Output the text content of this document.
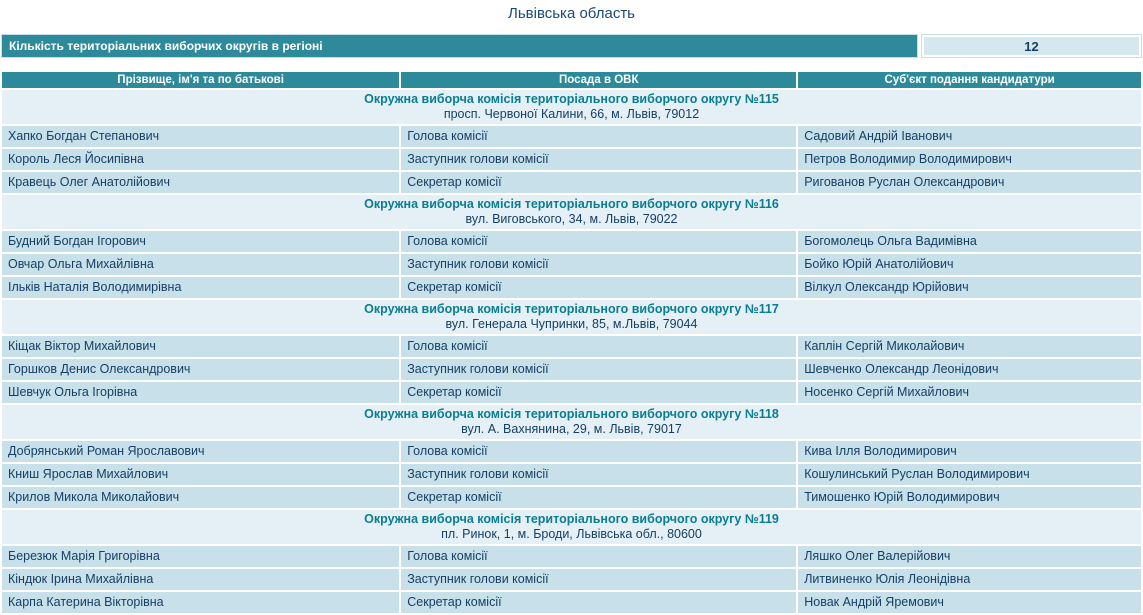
Львівська область
Кількість територіальних виборчих округів в регіоні	12
Прізвище, ім'я та по батькові	Посада в ОВК	Суб'єкт подання кандидатури

Окружна виборча комісія територіального виборчого округу №115
просп. Червоної Калини, 66, м. Львів, 79012		

Хапко Богдан Степанович	Голова комісії	Садовий Андрій Іванович
Король Леся Йосипівна	Заступник голови комісії	Петров Володимир Володимирович
Кравець Олег Анатолійович	Секретар комісії	Ригованов Руслан Олександрович

Окружна виборча комісія територіального виборчого округу №116
вул. Виговського, 34, м. Львів, 79022		

Будний Богдан Ігорович	Голова комісії	Богомолець Ольга Вадимівна
Овчар Ольга Михайлівна	Заступник голови комісії	Бойко Юрій Анатолійович
Ільків Наталія Володимирівна	Секретар комісії	Вілкул Олександр Юрійович

Окружна виборча комісія територіального виборчого округу №117
вул. Генерала Чупринки, 85, м.Львів, 79044		

Кіщак Віктор Михайлович	Голова комісії	Каплін Сергій Миколайович
Горшков Денис Олександрович	Заступник голови комісії	Шевченко Олександр Леонідович
Шевчук Ольга Ігорівна	Секретар комісії	Носенко Сергій Михайлович

Окружна виборча комісія територіального виборчого округу №118
вул. А. Вахнянина, 29, м. Львів, 79017		

Добрянський Роман Ярославович	Голова комісії	Кива Ілля Володимирович
Книш Ярослав Михайлович	Заступник голови комісії	Кошулинський Руслан Володимирович
Крилов Микола Миколайович	Секретар комісії	Тимошенко Юрій Володимирович

Окружна виборча комісія територіального виборчого округу №119
пл. Ринок, 1, м. Броди, Львівська обл., 80600		

Березюк Марія Григорівна	Голова комісії	Ляшко Олег Валерійович
Кіндюк Ірина Михайлівна	Заступник голови комісії	Литвиненко Юлія Леонідівна
Карпа Катерина Вікторівна	Секретар комісії	Новак Андрій Яремович
